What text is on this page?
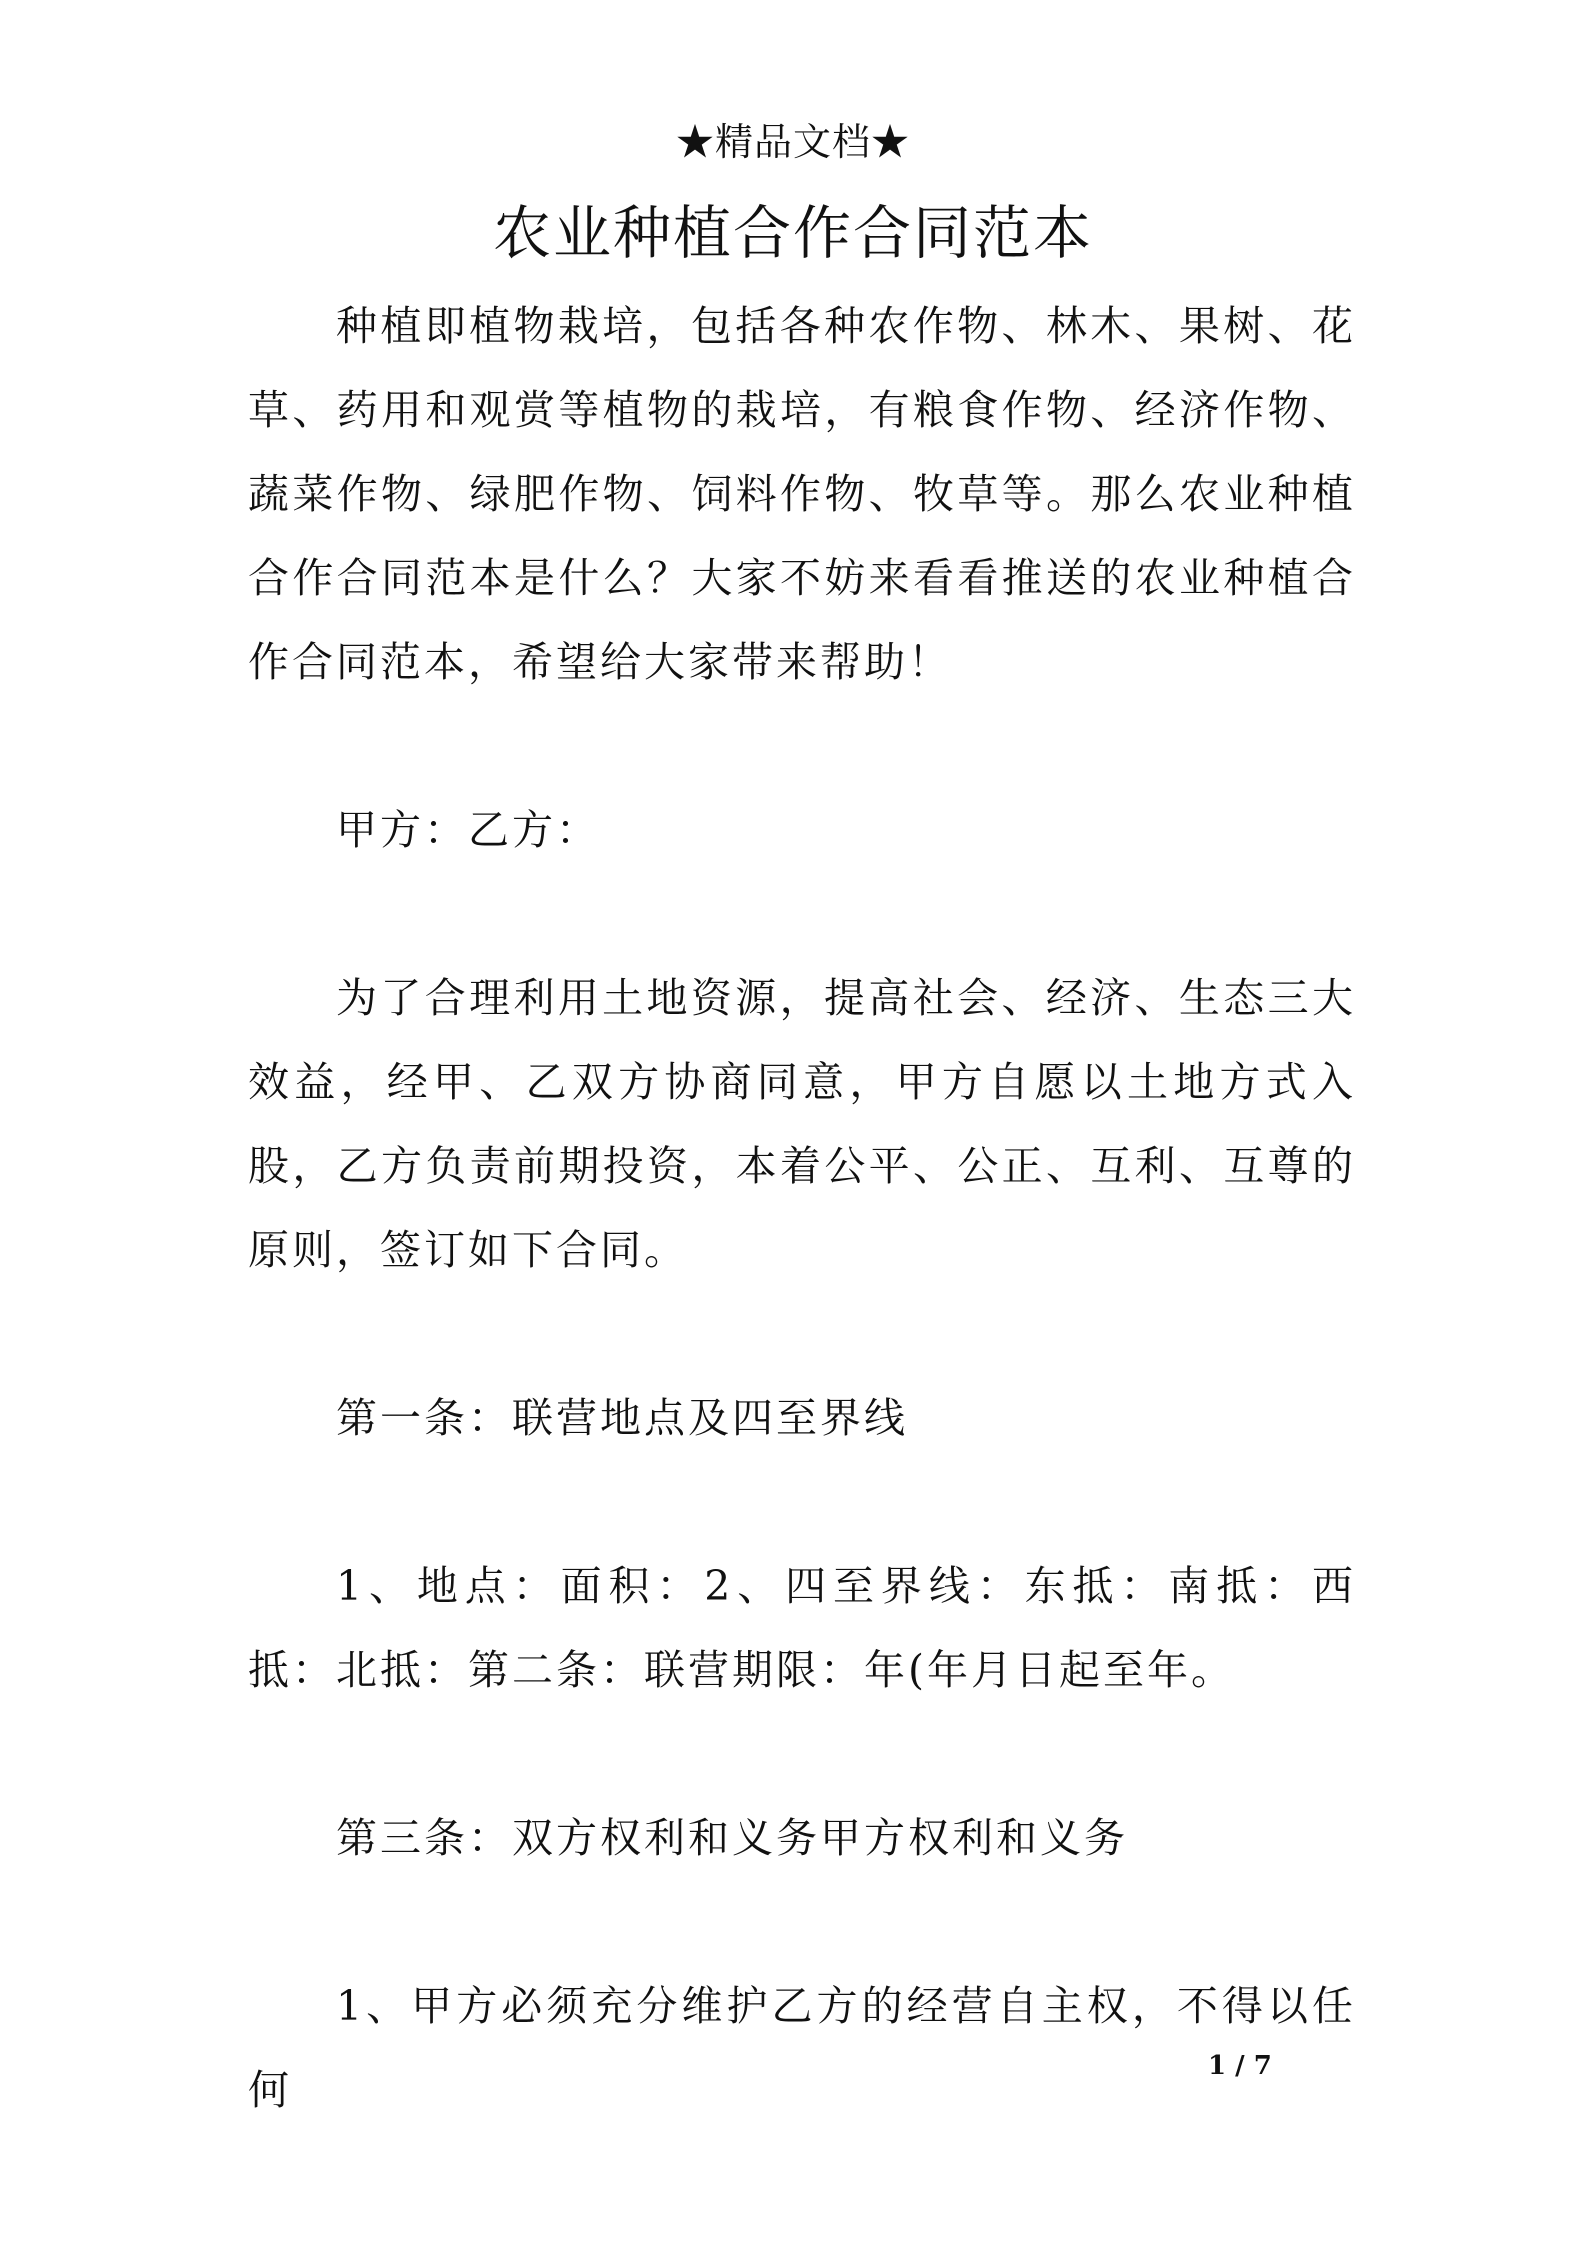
★精品文档★
农业种植合作合同范本

种植即植物栽培，包括各种农作物、林木、果树、花草、药用和观赏等植物的栽培，有粮食作物、经济作物、蔬菜作物、绿肥作物、饲料作物、牧草等。那么农业种植合作合同范本是什么？大家不妨来看看推送的农业种植合作合同范本，希望给大家带来帮助！

甲方：乙方：

为了合理利用土地资源，提高社会、经济、生态三大效益，经甲、乙双方协商同意，甲方自愿以土地方式入股，乙方负责前期投资，本着公平、公正、互利、互尊的原则，签订如下合同。

第一条：联营地点及四至界线

1、地点：面积：2、四至界线：东抵：南抵：西抵：北抵：第二条：联营期限：年(年月日起至年。

第三条：双方权利和义务甲方权利和义务

1、甲方必须充分维护乙方的经营自主权，不得以任何	1 / 7
